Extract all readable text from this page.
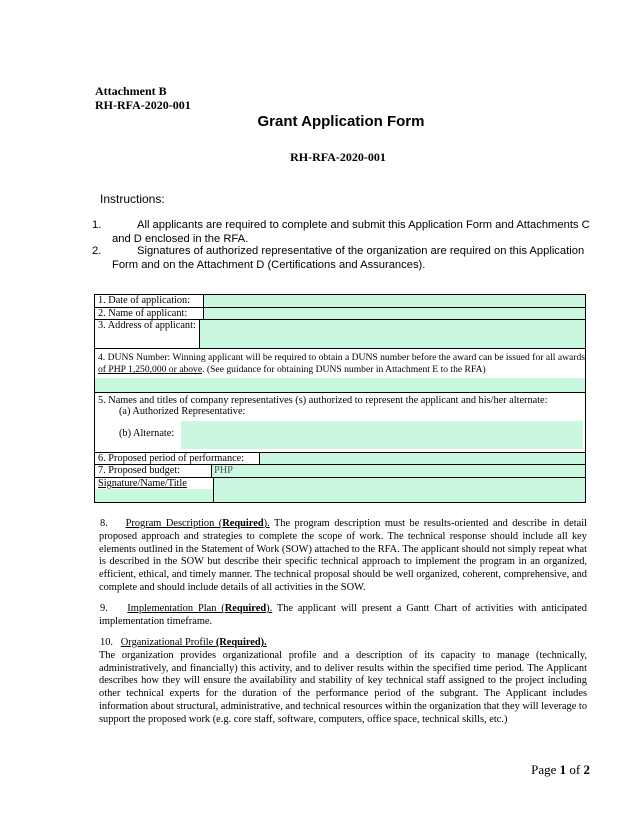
Attachment B
RH-RFA-2020-001
Grant Application Form
RH-RFA-2020-001
Instructions:
1.	All applicants are required to complete and submit this Application Form and Attachments C and D enclosed in the RFA.
2.	Signatures of authorized representative of the organization are required on this Application Form and on the Attachment D (Certifications and Assurances).
1. Date of application:
2. Name of applicant:
3. Address of applicant:
4. DUNS Number: Winning applicant will be required to obtain a DUNS number before the award can be issued for all awards
of PHP 1,250,000 or above. (See guidance for obtaining DUNS number in Attachment E to the RFA)
5. Names and titles of company representatives (s) authorized to represent the applicant and his/her alternate:
(a) Authorized Representative:
(b) Alternate:
6. Proposed period of performance:
7. Proposed budget:	PHP
Signature/Name/Title
8. Program Description (Required). The program description must be results-oriented and describe in detail proposed approach and strategies to complete the scope of work. The technical response should include all key elements outlined in the Statement of Work (SOW) attached to the RFA. The applicant should not simply repeat what is described in the SOW but describe their specific technical approach to implement the program in an organized, efficient, ethical, and timely manner. The technical proposal should be well organized, coherent, comprehensive, and complete and should include details of all activities in the SOW.
9. Implementation Plan (Required). The applicant will present a Gantt Chart of activities with anticipated implementation timeframe.
10. Organizational Profile (Required).
The organization provides organizational profile and a description of its capacity to manage (technically, administratively, and financially) this activity, and to deliver results within the specified time period. The Applicant describes how they will ensure the availability and stability of key technical staff assigned to the project including other technical experts for the duration of the performance period of the subgrant. The Applicant includes information about structural, administrative, and technical resources within the organization that they will leverage to support the proposed work (e.g. core staff, software, computers, office space, technical skills, etc.)
Page 1 of 2
